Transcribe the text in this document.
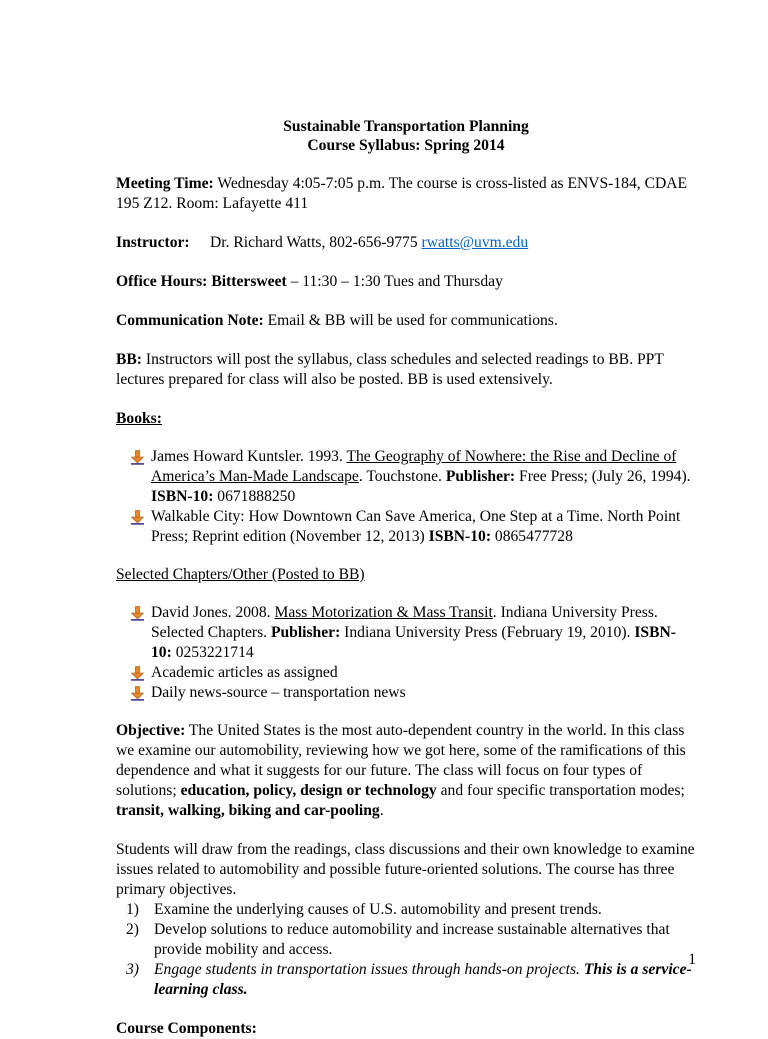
Sustainable Transportation Planning
Course Syllabus: Spring 2014

Meeting Time: Wednesday 4:05-7:05 p.m. The course is cross-listed as ENVS-184, CDAE 195 Z12. Room: Lafayette 411

Instructor:	Dr. Richard Watts, 802-656-9775 rwatts@uvm.edu

Office Hours: Bittersweet – 11:30 – 1:30 Tues and Thursday

Communication Note: Email & BB will be used for communications.

BB: Instructors will post the syllabus, class schedules and selected readings to BB. PPT lectures prepared for class will also be posted. BB is used extensively.

Books:

James Howard Kuntsler. 1993. The Geography of Nowhere: the Rise and Decline of America’s Man-Made Landscape. Touchstone. Publisher: Free Press; (July 26, 1994). ISBN-10: 0671888250
Walkable City: How Downtown Can Save America, One Step at a Time. North Point Press; Reprint edition (November 12, 2013) ISBN-10: 0865477728

Selected Chapters/Other (Posted to BB)

David Jones. 2008. Mass Motorization & Mass Transit. Indiana University Press. Selected Chapters. Publisher: Indiana University Press (February 19, 2010). ISBN-10: 0253221714
Academic articles as assigned
Daily news-source – transportation news

Objective: The United States is the most auto-dependent country in the world. In this class we examine our automobility, reviewing how we got here, some of the ramifications of this dependence and what it suggests for our future. The class will focus on four types of solutions; education, policy, design or technology and four specific transportation modes; transit, walking, biking and car-pooling.

Students will draw from the readings, class discussions and their own knowledge to examine issues related to automobility and possible future-oriented solutions. The course has three primary objectives.

1) Examine the underlying causes of U.S. automobility and present trends.
2) Develop solutions to reduce automobility and increase sustainable alternatives that provide mobility and access.
3) Engage students in transportation issues through hands-on projects. This is a service-learning class.

Course Components:

1
